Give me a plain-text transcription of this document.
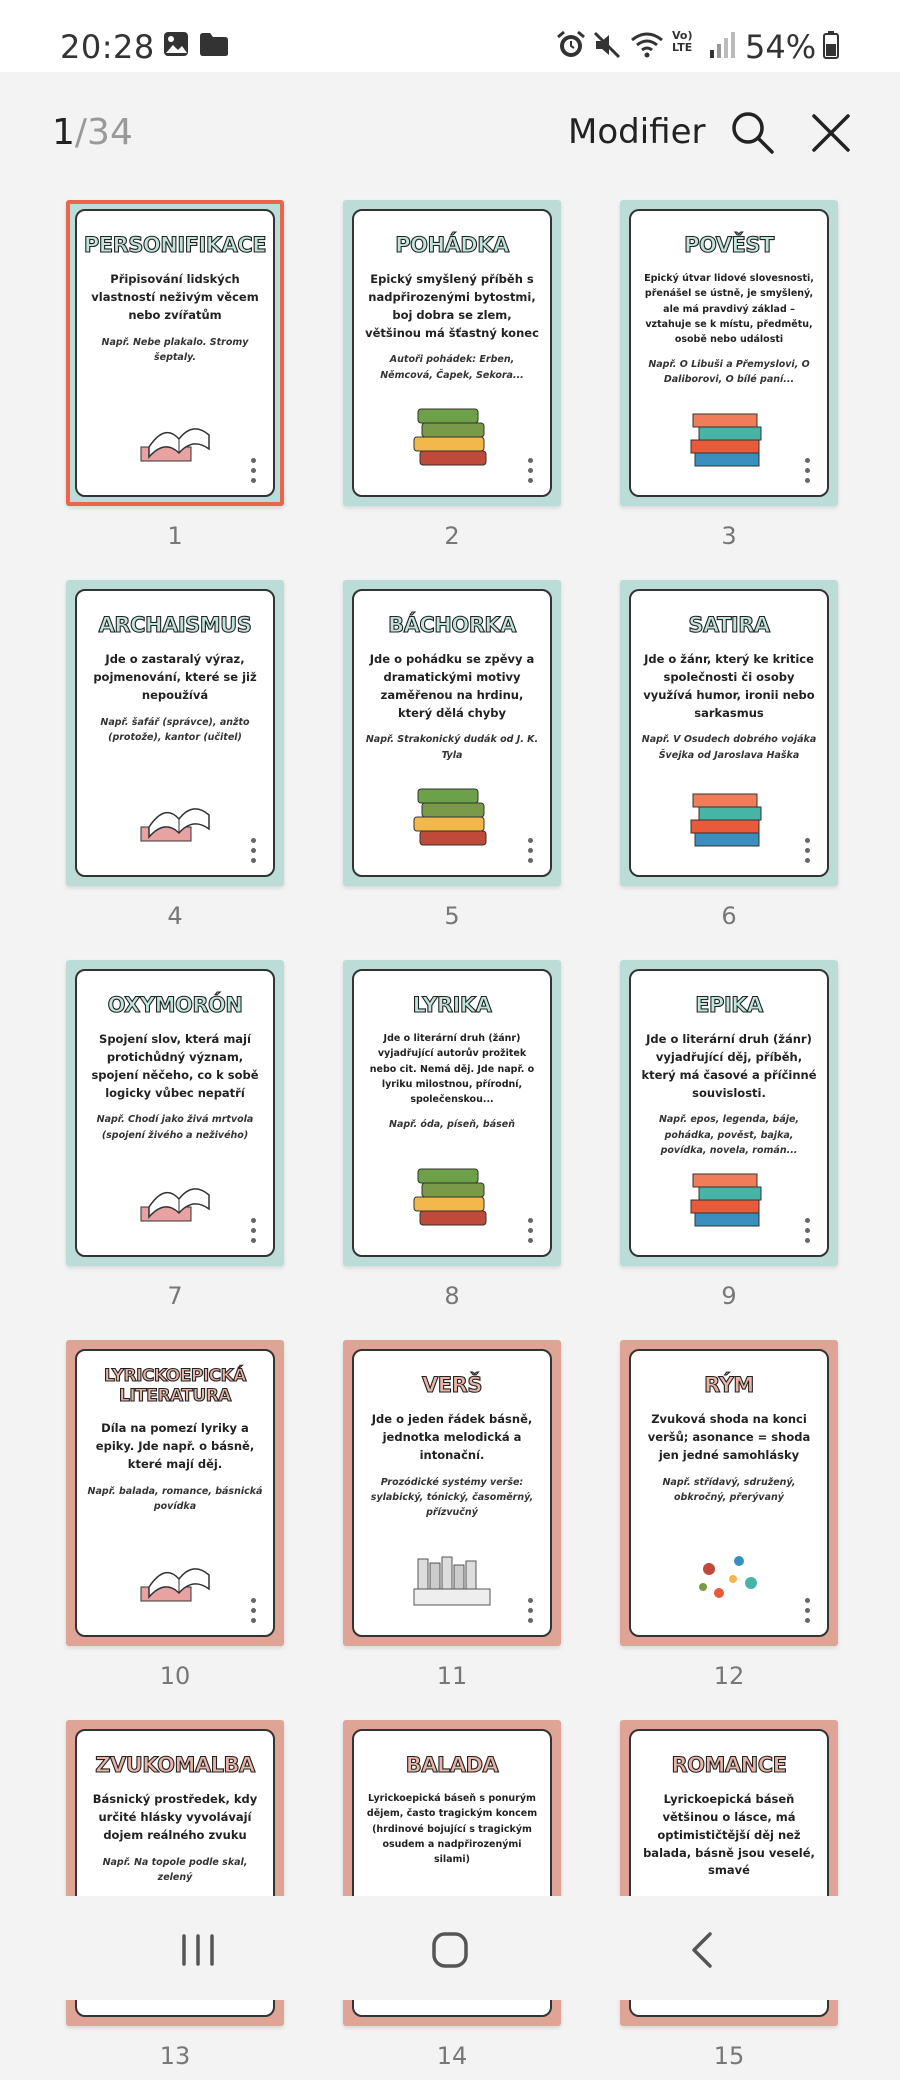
20:28	Vo) LTE	54%
1/34	Modifier
PERSONIFIKACE
Připisování lidských vlastností neživým věcem nebo zvířatům
Např. Nebe plakalo. Stromy šeptaly.
1
POHÁDKA
Epický smyšlený příběh s nadpřirozenými bytostmi, boj dobra se zlem, většinou má šťastný konec
Autoři pohádek: Erben, Němcová, Čapek, Sekora...
2
POVĚST
Epický útvar lidové slovesnosti, přenášel se ústně, je smyšlený, ale má pravdivý základ – vztahuje se k místu, předmětu, osobě nebo události
Např. O Libuši a Přemyslovi, O Daliborovi, O bílé paní...
3
ARCHAISMUS
Jde o zastaralý výraz, pojmenování, které se již nepoužívá
Např. šafář (správce), anžto (protože), kantor (učitel)
4
BÁCHORKA
Jde o pohádku se zpěvy a dramatickými motivy zaměřenou na hrdinu, který dělá chyby
Např. Strakonický dudák od J. K. Tyla
5
SATIRA
Jde o žánr, který ke kritice společnosti či osoby využívá humor, ironii nebo sarkasmus
Např. V Osudech dobrého vojáka Švejka od Jaroslava Haška
6
OXYMORÓN
Spojení slov, která mají protichůdný význam, spojení něčeho, co k sobě logicky vůbec nepatří
Např. Chodí jako živá mrtvola (spojení živého a neživého)
7
LYRIKA
Jde o literární druh (žánr) vyjadřující autorův prožitek nebo cit. Nemá děj. Jde např. o lyriku milostnou, přírodní, společenskou...
Např. óda, píseň, báseň
8
EPIKA
Jde o literární druh (žánr) vyjadřující děj, příběh, který má časové a příčinné souvislosti.
Např. epos, legenda, báje, pohádka, pověst, bajka, povídka, novela, román...
9
LYRICKOEPICKÁ LITERATURA
Díla na pomezí lyriky a epiky. Jde např. o básně, které mají děj.
Např. balada, romance, básnická povídka
10
VERŠ
Jde o jeden řádek básně, jednotka melodická a intonační.
Prozódické systémy verše: sylabický, tónický, časoměrný, přízvučný
11
RÝM
Zvuková shoda na konci veršů; asonance = shoda jen jedné samohlásky
Např. střídavý, sdružený, obkročný, přerývaný
12
ZVUKOMALBA
Básnický prostředek, kdy určité hlásky vyvolávají dojem reálného zvuku
Např. Na topole podle skal, zelený
13
BALADA
Lyrickoepická báseň s ponurým dějem, často tragickým koncem (hrdinové bojující s tragickým osudem a nadpřirozenými silami)
14
ROMANCE
Lyrickoepická báseň většinou o lásce, má optimističtější děj než balada, básně jsou veselé, smavé
15
